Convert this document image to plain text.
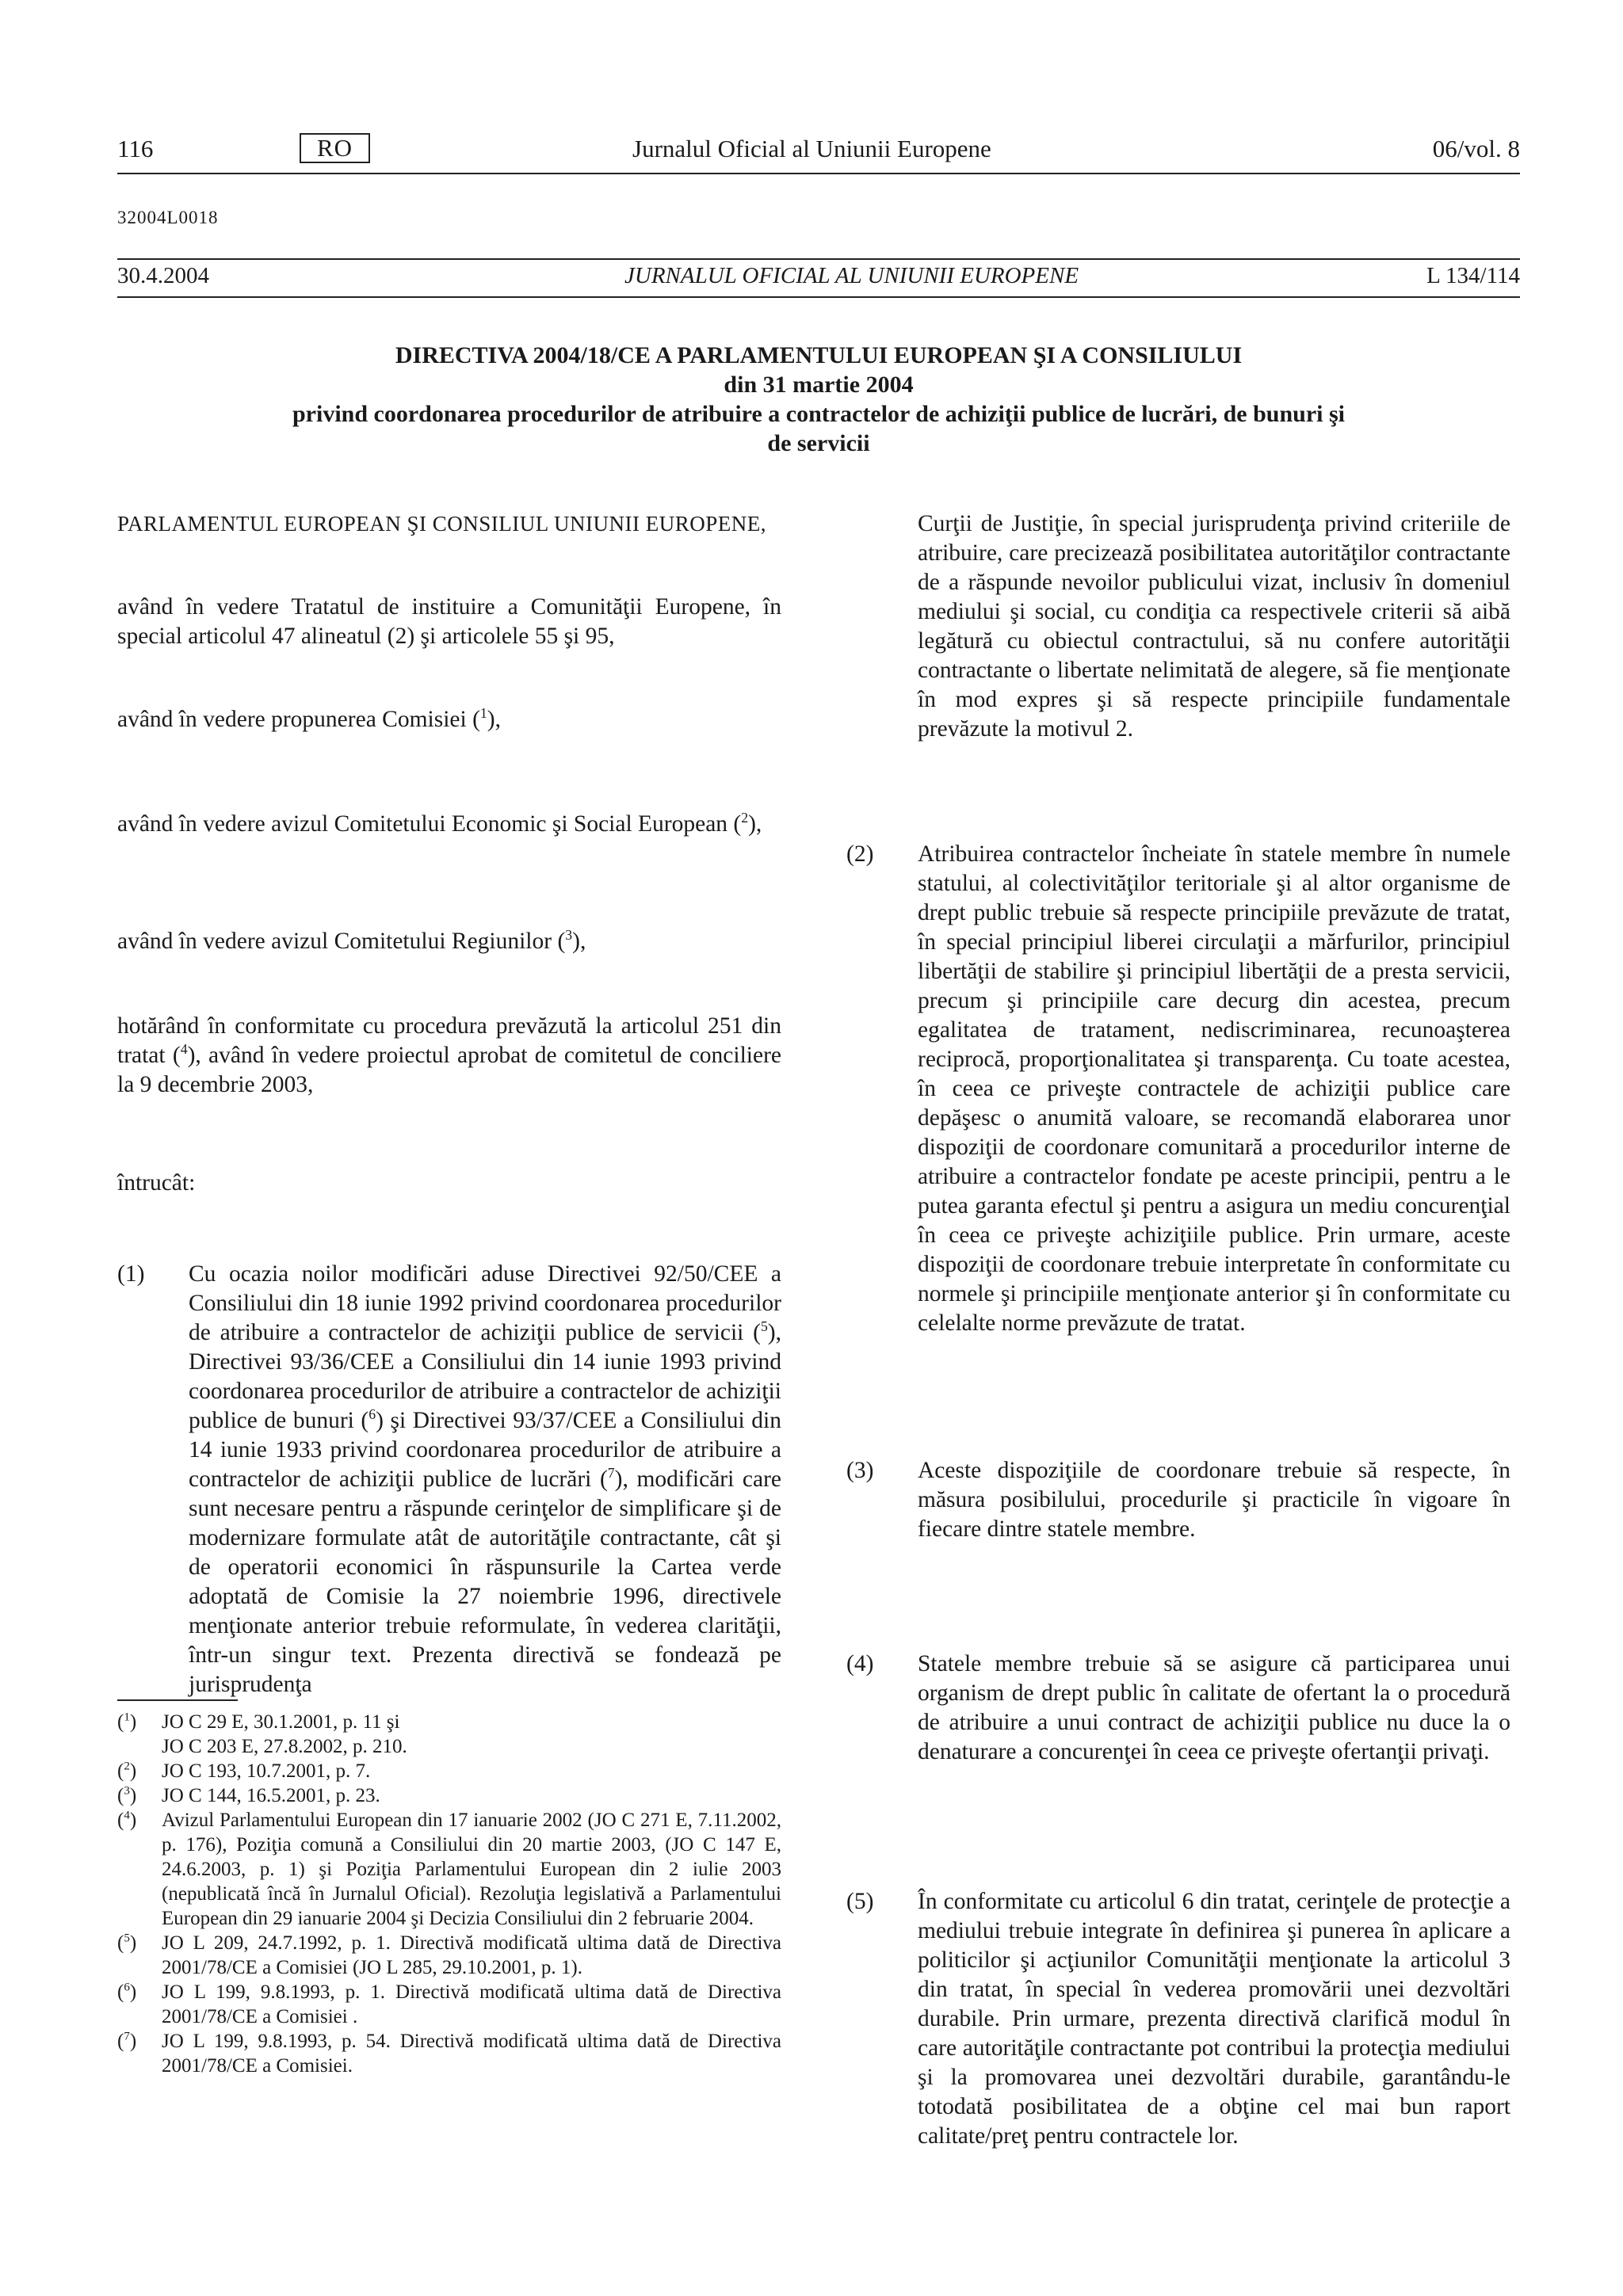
116	RO	Jurnalul Oficial al Uniunii Europene	06/vol. 8
32004L0018
30.4.2004	JURNALUL OFICIAL AL UNIUNII EUROPENE	L 134/114
DIRECTIVA 2004/18/CE A PARLAMENTULUI EUROPEAN ŞI A CONSILIULUI
din 31 martie 2004
privind coordonarea procedurilor de atribuire a contractelor de achiziţii publice de lucrări, de bunuri şi
de servicii

PARLAMENTUL EUROPEAN ŞI CONSILIUL UNIUNII EUROPENE,

având în vedere Tratatul de instituire a Comunităţii Europene, în special articolul 47 alineatul (2) şi articolele 55 şi 95,

având în vedere propunerea Comisiei ($^1$),

având în vedere avizul Comitetului Economic şi Social European ($^2$),

având în vedere avizul Comitetului Regiunilor ($^3$),

hotărând în conformitate cu procedura prevăzută la articolul 251 din tratat ($^4$), având în vedere proiectul aprobat de comitetul de conciliere la 9 decembrie 2003,

întrucât:

(1) Cu ocazia noilor modificări aduse Directivei 92/50/CEE a Consiliului din 18 iunie 1992 privind coordonarea procedurilor de atribuire a contractelor de achiziţii publice de servicii ($^5$), Directivei 93/36/CEE a Consiliului din 14 iunie 1993 privind coordonarea procedurilor de atribuire a contractelor de achiziţii publice de bunuri ($^6$) şi Directivei 93/37/CEE a Consiliului din 14 iunie 1933 privind coordonarea procedurilor de atribuire a contractelor de achiziţii publice de lucrări ($^7$), modificări care sunt necesare pentru a răspunde cerinţelor de simplificare şi de modernizare formulate atât de autorităţile contractante, cât şi de operatorii economici în răspunsurile la Cartea verde adoptată de Comisie la 27 noiembrie 1996, directivele menţionate anterior trebuie reformulate, în vederea clarităţii, într-un singur text. Prezenta directivă se fondează pe jurisprudenţa
Curţii de Justiţie, în special jurisprudenţa privind criteriile de atribuire, care precizează posibilitatea autorităţilor contractante de a răspunde nevoilor publicului vizat, inclusiv în domeniul mediului şi social, cu condiţia ca respectivele criterii să aibă legătură cu obiectul contractului, să nu confere autorităţii contractante o libertate nelimitată de alegere, să fie menţionate în mod expres şi să respecte principiile fundamentale prevăzute la motivul 2.
(2) Atribuirea contractelor încheiate în statele membre în numele statului, al colectivităţilor teritoriale şi al altor organisme de drept public trebuie să respecte principiile prevăzute de tratat, în special principiul liberei circulaţii a mărfurilor, principiul libertăţii de stabilire şi principiul libertăţii de a presta servicii, precum şi principiile care decurg din acestea, precum egalitatea de tratament, nediscriminarea, recunoaşterea reciprocă, proporţionalitatea şi transparenţa. Cu toate acestea, în ceea ce priveşte contractele de achiziţii publice care depăşesc o anumită valoare, se recomandă elaborarea unor dispoziţii de coordonare comunitară a procedurilor interne de atribuire a contractelor fondate pe aceste principii, pentru a le putea garanta efectul şi pentru a asigura un mediu concurenţial în ceea ce priveşte achiziţiile publice. Prin urmare, aceste dispoziţii de coordonare trebuie interpretate în conformitate cu normele şi principiile menţionate anterior şi în conformitate cu celelalte norme prevăzute de tratat.
(3) Aceste dispoziţiile de coordonare trebuie să respecte, în măsura posibilului, procedurile şi practicile în vigoare în fiecare dintre statele membre.
(4) Statele membre trebuie să se asigure că participarea unui organism de drept public în calitate de ofertant la o procedură de atribuire a unui contract de achiziţii publice nu duce la o denaturare a concurenţei în ceea ce priveşte ofertanţii privaţi.
(5) În conformitate cu articolul 6 din tratat, cerinţele de protecţie a mediului trebuie integrate în definirea şi punerea în aplicare a politicilor şi acţiunilor Comunităţii menţionate la articolul 3 din tratat, în special în vederea promovării unei dezvoltări durabile. Prin urmare, prezenta directivă clarifică modul în care autorităţile contractante pot contribui la protecţia mediului şi la promovarea unei dezvoltări durabile, garantându-le totodată posibilitatea de a obţine cel mai bun raport calitate/preţ pentru contractele lor.
($^1$) JO C 29 E, 30.1.2001, p. 11 şi
JO C 203 E, 27.8.2002, p. 210.
($^2$) JO C 193, 10.7.2001, p. 7.
($^3$) JO C 144, 16.5.2001, p. 23.
($^4$) Avizul Parlamentului European din 17 ianuarie 2002 (JO C 271 E, 7.11.2002, p. 176), Poziţia comună a Consiliului din 20 martie 2003, (JO C 147 E, 24.6.2003, p. 1) şi Poziţia Parlamentului European din 2 iulie 2003 (nepublicată încă în Jurnalul Oficial). Rezoluţia legislativă a Parlamentului European din 29 ianuarie 2004 şi Decizia Consiliului din 2 februarie 2004.
($^5$) JO L 209, 24.7.1992, p. 1. Directivă modificată ultima dată de Directiva 2001/78/CE a Comisiei (JO L 285, 29.10.2001, p. 1).
($^6$) JO L 199, 9.8.1993, p. 1. Directivă modificată ultima dată de Directiva 2001/78/CE a Comisiei .
($^7$) JO L 199, 9.8.1993, p. 54. Directivă modificată ultima dată de Directiva 2001/78/CE a Comisiei.
